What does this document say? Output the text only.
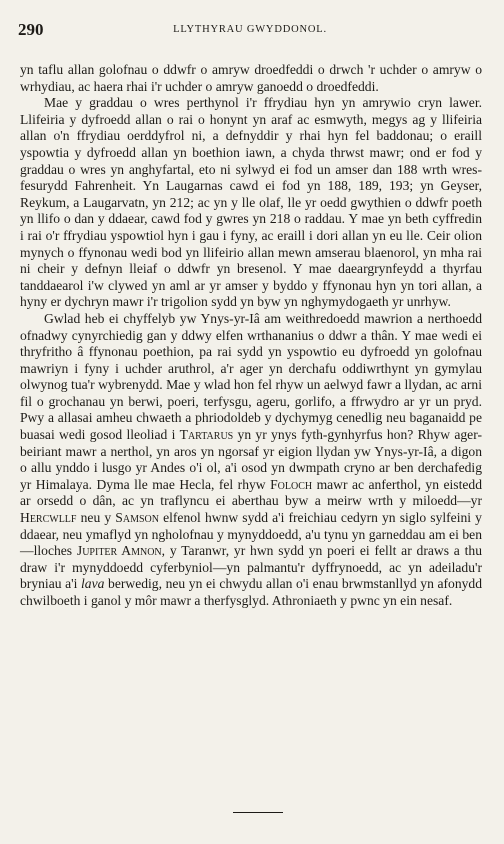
290	LLYTHYRAU GWYDDONOL.

yn taflu allan golofnau o ddwfr o amryw droedfeddi o drwch 'r uchder o amryw o wrhydiau, ac haera rhai i'r uchder o amryw ganoedd o droedfeddi.

Mae y graddau o wres perthynol i'r ffrydiau hyn yn amrywio cryn lawer. Llifeiria y dyfroedd allan o rai o honynt yn araf ac esmwyth, megys ag y llifeiria allan o'n ffrydiau oerddyfrol ni, a defnyddir y rhai hyn fel baddonau; o eraill yspowtia y dyfroedd allan yn boethion iawn, a chyda thrwst mawr; ond er fod y graddau o wres yn anghyfartal, eto ni sylwyd ei fod un amser dan 188 wrth wres-fesurydd Fahrenheit. Yn Laugarnas cawd ei fod yn 188, 189, 193; yn Geyser, Reykum, a Laugarvatn, yn 212; ac yn y lle olaf, lle yr oedd gwythien o ddwfr poeth yn llifo o dan y ddaear, cawd fod y gwres yn 218 o raddau. Y mae yn beth cyffredin i rai o'r ffrydiau yspowtiol hyn i gau i fyny, ac eraill i dori allan yn eu lle. Ceir olion mynych o ffynonau wedi bod yn llifeirio allan mewn amserau blaenorol, yn mha rai ni cheir y defnyn lleiaf o ddwfr yn bresenol. Y mae daeargrynfeydd a thyrfau tanddaearol i'w clywed yn aml ar yr amser y byddo y ffynonau hyn yn tori allan, a hyny er dychryn mawr i'r trigolion sydd yn byw yn nghymydogaeth yr unrhyw.

Gwlad heb ei chyffelyb yw Ynys-yr-Iâ am weithredoedd mawrion a nerthoedd ofnadwy cynyrchiedig gan y ddwy elfen wrthananius o ddwr a thân. Y mae wedi ei thryfritho â ffynonau poethion, pa rai sydd yn yspowtio eu dyfroedd yn golofnau mawriyn i fyny i uchder aruthrol, a'r ager yn derchafu oddiwrthynt yn gymylau olwynog tua'r wybrenydd. Mae y wlad hon fel rhyw un aelwyd fawr a llydan, ac arni fil o grochanau yn berwi, poeri, terfysgu, ageru, gorlifo, a ffrwydro ar yr un pryd. Pwy a allasai amheu chwaeth a phriodoldeb y dychymyg cenedlig neu baganaidd pe buasai wedi gosod lleoliad i Tartarus yn yr ynys fyth-gynhyrfus hon? Rhyw ager-beiriant mawr a nerthol, yn aros yn ngorsaf yr eigion llydan yw Ynys-yr-Iâ, a digon o allu ynddo i lusgo yr Andes o'i ol, a'i osod yn dwmpath cryno ar ben derchafedig yr Himalaya. Dyma lle mae Hecla, fel rhyw Foloch mawr ac anferthol, yn eistedd ar orsedd o dân, ac yn traflyncu ei aberthau byw a meirw wrth y miloedd—yr Hercwllf neu y Samson elfenol hwnw sydd a'i freichiau cedyrn yn siglo sylfeini y ddaear, neu ymaflyd yn ngholofnau y mynyddoedd, a'u tynu yn garneddau am ei ben—lloches Jupiter Amnon, y Taranwr, yr hwn sydd yn poeri ei fellt ar draws a thu draw i'r mynyddoedd cyferbyniol—yn palmantu'r dyffrynoedd, ac yn adeiladu'r bryniau a'i lava berwedig, neu yn ei chwydu allan o'i enau brwmstanllyd yn afonydd chwilboeth i ganol y môr mawr a therfysglyd. Athroniaeth y pwnc yn ein nesaf.
